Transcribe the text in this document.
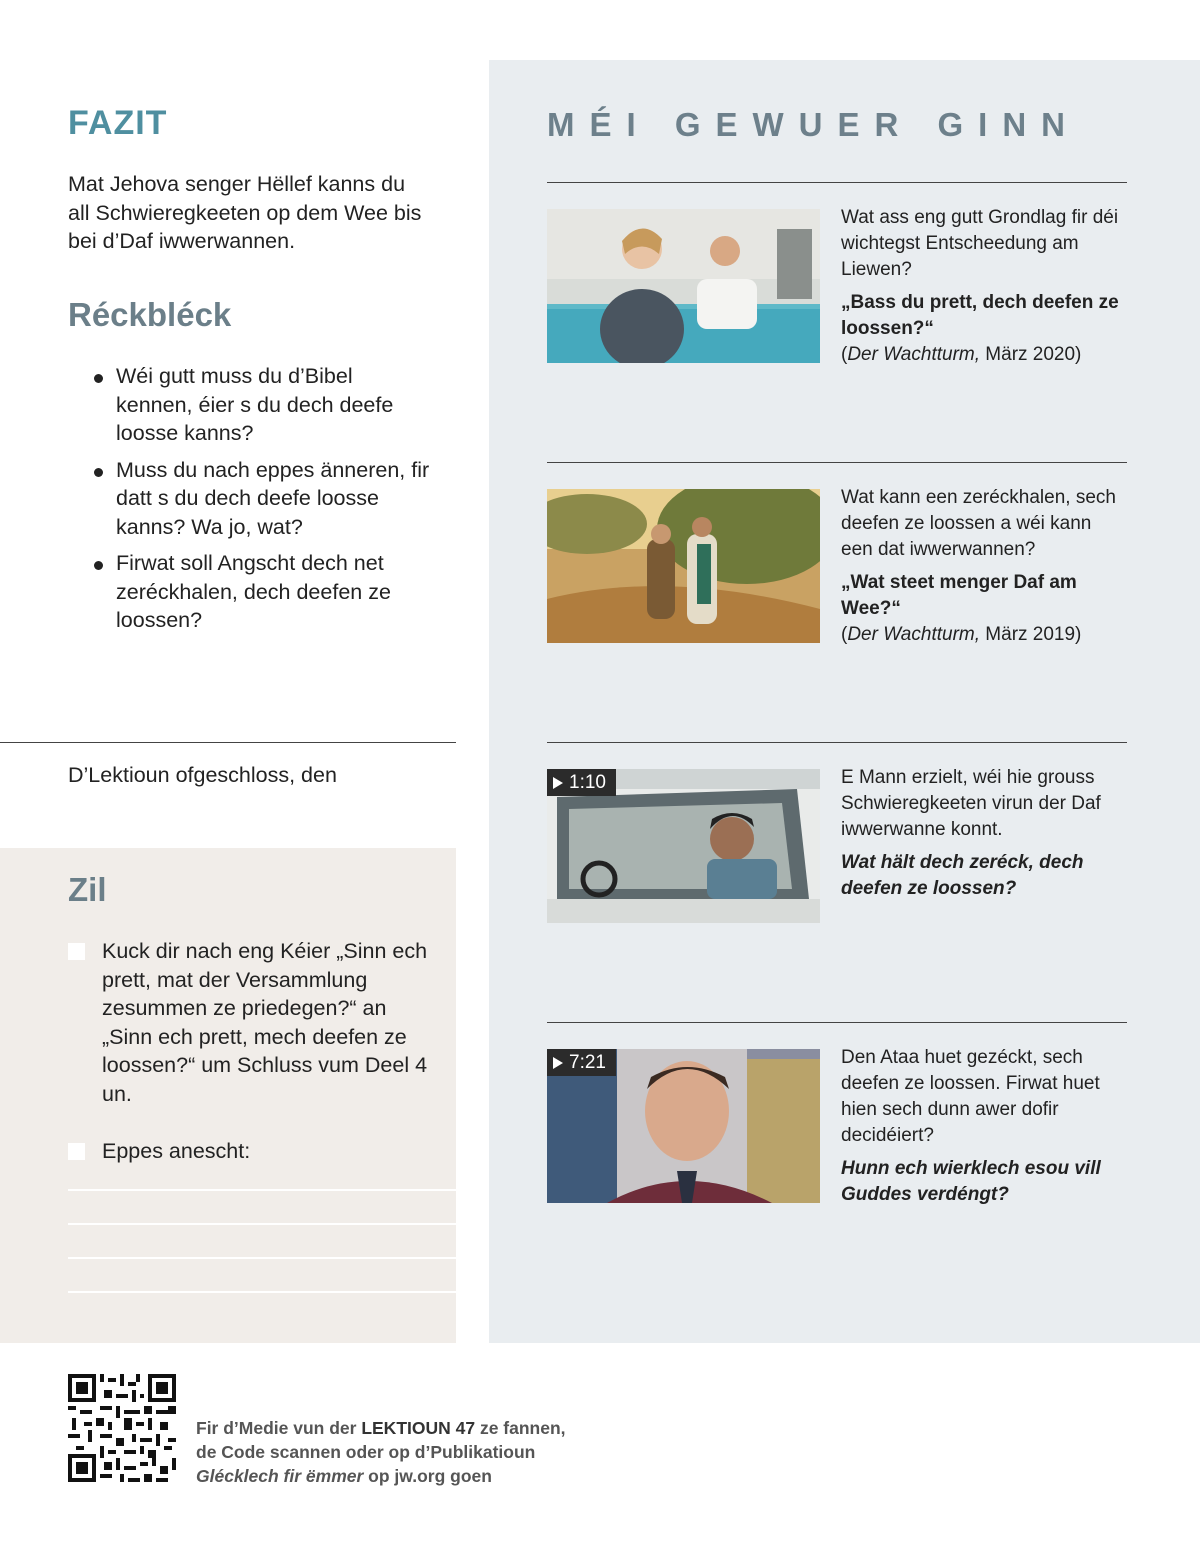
FAZIT

Mat Jehova senger Hëllef kanns du all Schwieregkeeten op dem Wee bis bei d’Daf iwwerwannen.

Réckbléck
Wéi gutt muss du d’Bibel kennen, éier s du dech deefe loosse kanns?
Muss du nach eppes änneren, fir datt s du dech deefe loosse kanns? Wa jo, wat?
Firwat soll Angscht dech net zeréckhalen, dech deefen ze loossen?
D’Lektioun ofgeschloss, den
Zil
Kuck dir nach eng Kéier „Sinn ech prett, mat der Versammlung zesummen ze priedegen?“ an „Sinn ech prett, mech deefen ze loossen?“ um Schluss vum Deel 4 un.
Eppes anescht:
MÉI GEWUER GINN

Wat ass eng gutt Grondlag fir déi wichtegst Entscheedung am Liewen?

„Bass du prett, dech deefen ze loossen?“

(Der Wachtturm, März 2020)

Wat kann een zeréckhalen, sech deefen ze loossen a wéi kann een dat iwwerwannen?

„Wat steet menger Daf am Wee?“

(Der Wachtturm, März 2019)

1:10	E Mann erzielt, wéi hie grouss Schwieregkeeten virun der Daf iwwerwanne konnt.

Wat hält dech zeréck, dech deefen ze loossen?

7:21	Den Ataa huet gezéckt, sech deefen ze loossen. Firwat huet hien sech dunn awer dofir decidéiert?

Hunn ech wierklech esou vill Guddes verdéngt?

Fir d’Medie vun der LEKTIOUN 47 ze fannen,
de Code scannen oder op d’Publikatioun
Glécklech fir ëmmer op jw.org goen
